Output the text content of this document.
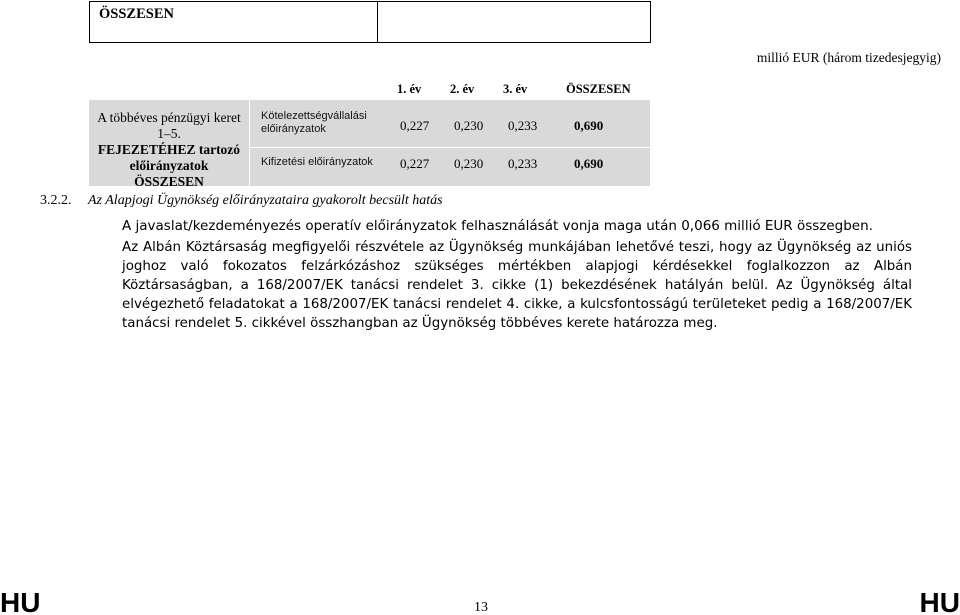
ÖSSZESEN
millió EUR (három tizedesjegyig)
1. év 2. év 3. év	ÖSSZESEN
A többéves pénzügyi keret 1–5.
FEJEZETÉHEZ tartozó előirányzatok
ÖSSZESEN
Kötelezettségvállalási
előirányzatok	0,227 0,230 0,233	0,690
Kifizetési előirányzatok 0,227 0,230 0,233	0,690
3.2.2.	Az Alapjogi Ügynökség előirányzataira gyakorolt becsült hatás
A javaslat/kezdeményezés operatív előirányzatok felhasználását vonja maga után 0,066 millió EUR összegben.
Az Albán Köztársaság megfigyelői részvétele az Ügynökség munkájában lehetővé teszi, hogy az Ügynökség az uniós joghoz való fokozatos felzárkózáshoz szükséges mértékben alapjogi kérdésekkel foglalkozzon az Albán Köztársaságban, a 168/2007/EK tanácsi rendelet 3. cikke (1) bekezdésének hatályán belül. Az Ügynökség által elvégezhető feladatokat a 168/2007/EK tanácsi rendelet 4. cikke, a kulcsfontosságú területeket pedig a 168/2007/EK tanácsi rendelet 5. cikkével összhangban az Ügynökség többéves kerete határozza meg.
HU	13	HU
